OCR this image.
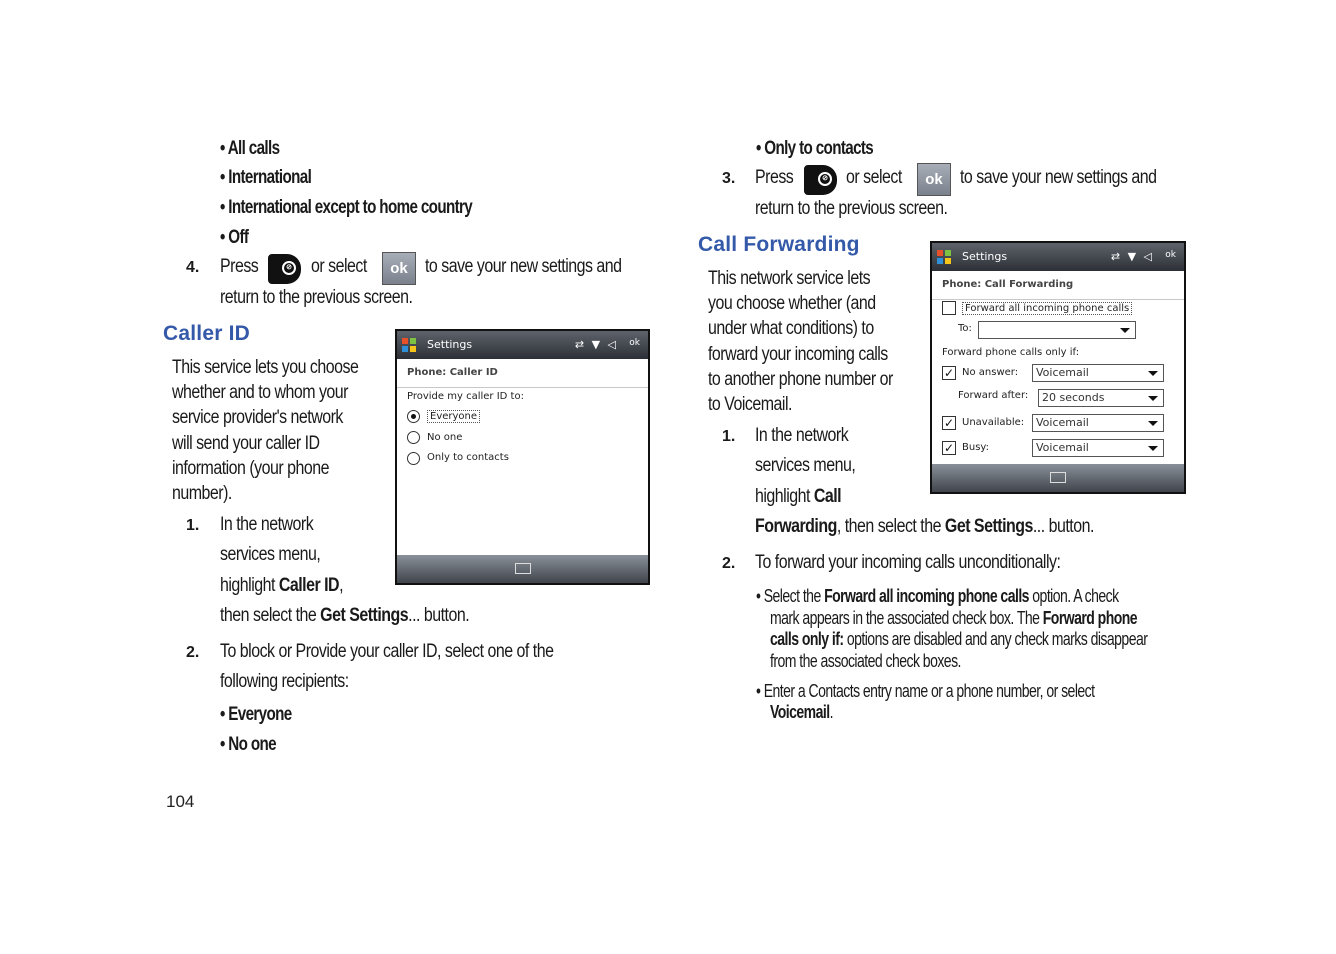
• All calls
• International
• International except to home country
• Off
4. Press	⊘ or select	ok to save your new settings and
return to the previous screen.
Caller ID
This service lets you choose
whether and to whom your
service provider's network
will send your caller ID
information (your phone
number).
1. In the network
services menu,
highlight Caller ID,
then select the Get Settings... button.
2. To block or Provide your caller ID, select one of the
following recipients:
• Everyone
• No one
Settings	⇄ ▼ ◁ ok
Phone: Caller ID
Provide my caller ID to:
Everyone
No one
Only to contacts
104
• Only to contacts
3. Press	⊘ or select	ok to save your new settings and
return to the previous screen.
Call Forwarding
This network service lets
you choose whether (and
under what conditions) to
forward your incoming calls
to another phone number or
to Voicemail.
1. In the network
services menu,
highlight Call
Forwarding, then select the Get Settings... button.
2. To forward your incoming calls unconditionally:
• Select the Forward all incoming phone calls option. A check
mark appears in the associated check box. The Forward phone
calls only if: options are disabled and any check marks disappear
from the associated check boxes.
• Enter a Contacts entry name or a phone number, or select
Voicemail.
Settings	⇄ ▼ ◁ ok
Phone: Call Forwarding
Forward all incoming phone calls
To:
Forward phone calls only if:
✓ No answer:	Voicemail
Forward after:	20 seconds
✓ Unavailable:	Voicemail
✓ Busy:	Voicemail
